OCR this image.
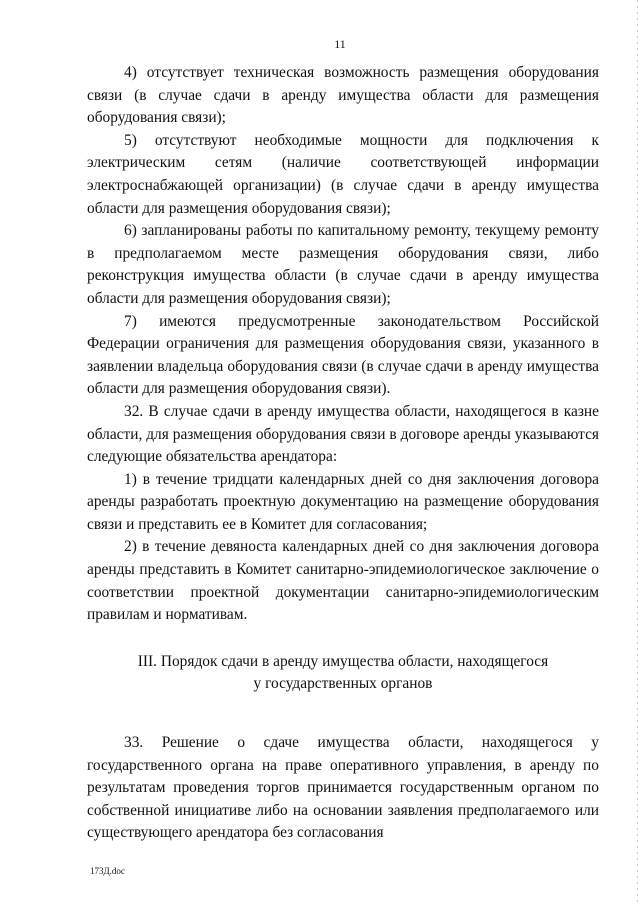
11

4) отсутствует техническая возможность размещения оборудования связи (в случае сдачи в аренду имущества области для размещения оборудования связи);

5) отсутствуют необходимые мощности для подключения к электрическим сетям (наличие соответствующей информации электроснабжающей организации) (в случае сдачи в аренду имущества области для размещения оборудования связи);

6) запланированы работы по капитальному ремонту, текущему ремонту в предполагаемом месте размещения оборудования связи, либо реконструкция имущества области (в случае сдачи в аренду имущества области для размещения оборудования связи);

7) имеются предусмотренные законодательством Российской Федерации ограничения для размещения оборудования связи, указанного в заявлении владельца оборудования связи (в случае сдачи в аренду имущества области для размещения оборудования связи).

32. В случае сдачи в аренду имущества области, находящегося в казне области, для размещения оборудования связи в договоре аренды указываются следующие обязательства арендатора:

1) в течение тридцати календарных дней со дня заключения договора аренды разработать проектную документацию на размещение оборудования связи и представить ее в Комитет для согласования;

2) в течение девяноста календарных дней со дня заключения договора аренды представить в Комитет санитарно-эпидемиологическое заключение о соответствии проектной документации санитарно-эпидемиологическим правилам и нормативам.

III. Порядок сдачи в аренду имущества области, находящегося
у государственных органов

33. Решение о сдаче имущества области, находящегося у государственного органа на праве оперативного управления, в аренду по результатам проведения торгов принимается государственным органом по собственной инициативе либо на основании заявления предполагаемого или существующего арендатора без согласования

173Д.doc
